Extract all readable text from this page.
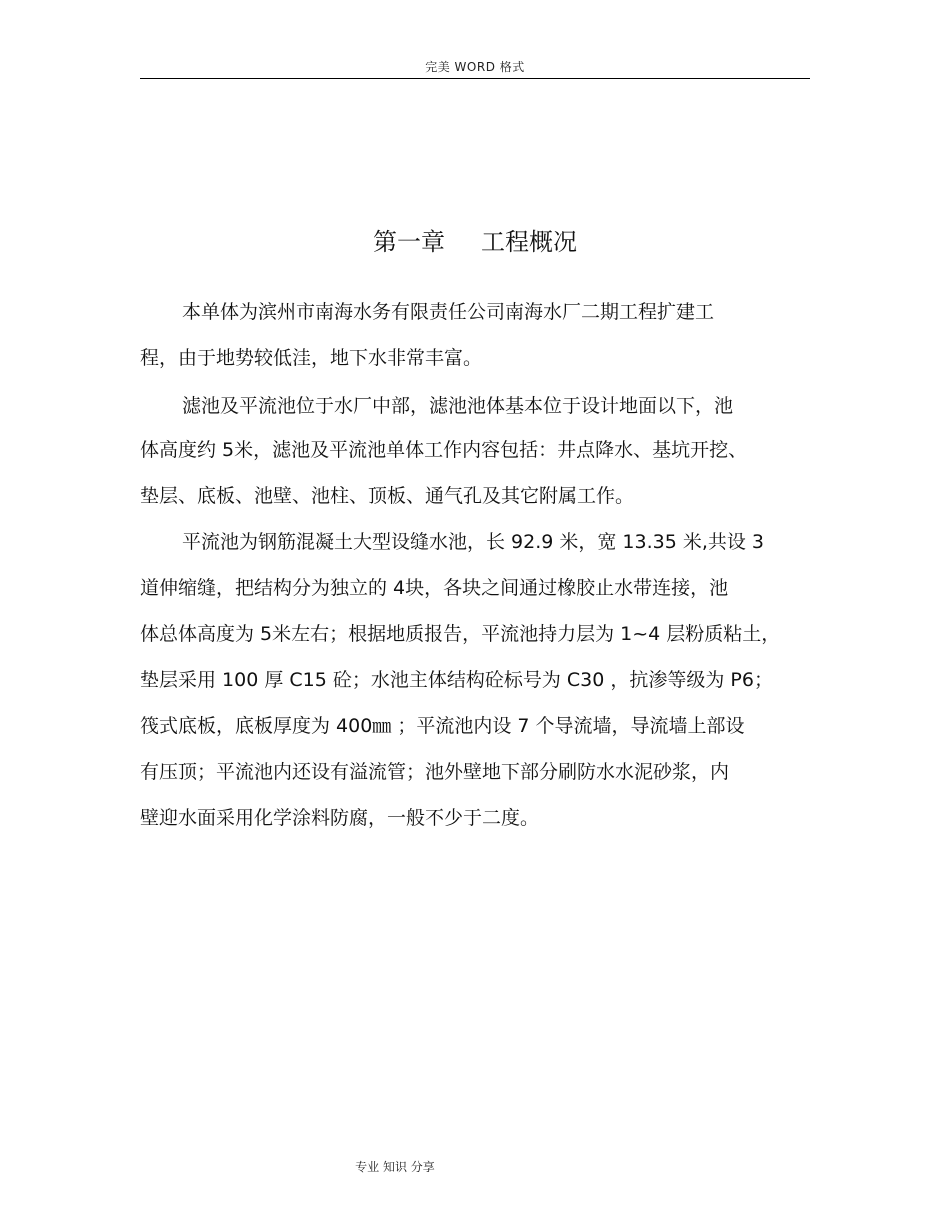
完美 WORD 格式
第一章 工程概况
本单体为滨州市南海水务有限责任公司南海水厂二期工程扩建工
程，由于地势较低洼，地下水非常丰富。
滤池及平流池位于水厂中部，滤池池体基本位于设计地面以下，池
体高度约 5米，滤池及平流池单体工作内容包括：井点降水、基坑开挖、
垫层、底板、池壁、池柱、顶板、通气孔及其它附属工作。
平流池为钢筋混凝土大型设缝水池，长 92.9 米，宽 13.35 米,共设 3
道伸缩缝，把结构分为独立的 4块，各块之间通过橡胶止水带连接，池
体总体高度为 5米左右；根据地质报告，平流池持力层为 1~4 层粉质粘土，
垫层采用 100 厚 C15 砼；水池主体结构砼标号为 C30 ，抗渗等级为 P6；
筏式底板，底板厚度为 400㎜ ；平流池内设 7 个导流墙，导流墙上部设
有压顶；平流池内还设有溢流管；池外壁地下部分刷防水水泥砂浆，内
壁迎水面采用化学涂料防腐，一般不少于二度。
专业 知识 分享
